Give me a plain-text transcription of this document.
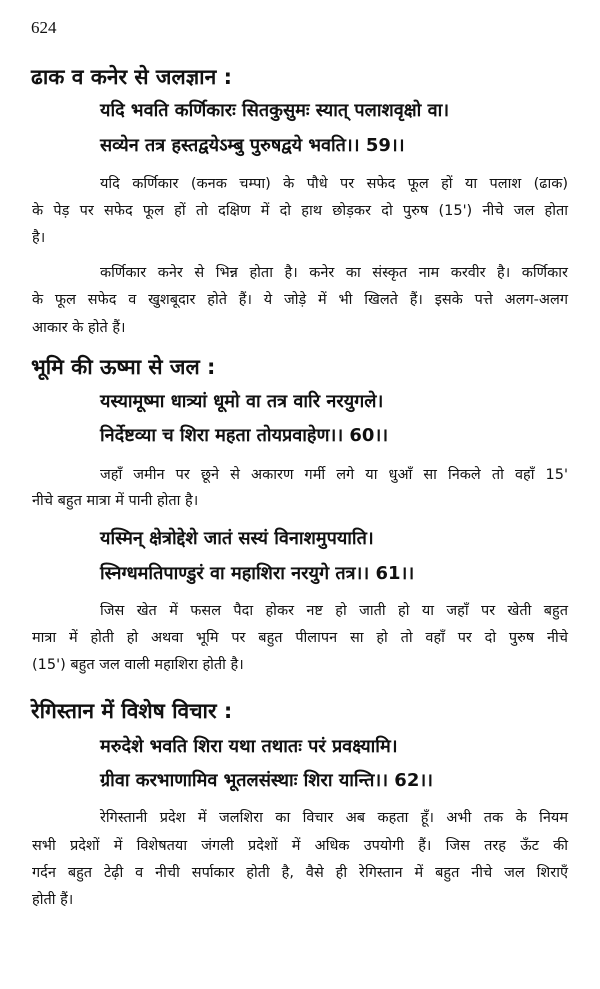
624
ढाक व कनेर से जलज्ञान :
यदि भवति कर्णिकारः सितकुसुमः स्यात् पलाशवृक्षो वा।
सव्येन तत्र हस्तद्वयेऽम्बु पुरुषद्वये भवति।। 59।।
यदि कर्णिकार (कनक चम्पा) के पौधे पर सफेद फूल हों या पलाश (ढाक)
के पेड़ पर सफेद फूल हों तो दक्षिण में दो हाथ छोड़कर दो पुरुष (15') नीचे जल होता
है।
कर्णिकार कनेर से भिन्न होता है। कनेर का संस्कृत नाम करवीर है। कर्णिकार
के फूल सफेद व खुशबूदार होते हैं। ये जोड़े में भी खिलते हैं। इसके पत्ते अलग-अलग
आकार के होते हैं।
भूमि की ऊष्मा से जल :
यस्यामूष्मा धात्र्यां धूमो वा तत्र वारि नरयुगले।
निर्देष्टव्या च शिरा महता तोयप्रवाहेण।। 60।।
जहाँ जमीन पर छूने से अकारण गर्मी लगे या धुआँ सा निकले तो वहाँ 15'
नीचे बहुत मात्रा में पानी होता है।
यस्मिन् क्षेत्रोद्देशे जातं सस्यं विनाशमुपयाति।
स्निग्धमतिपाण्डुरं वा महाशिरा नरयुगे तत्र।। 61।।
जिस खेत में फसल पैदा होकर नष्ट हो जाती हो या जहाँ पर खेती बहुत
मात्रा में होती हो अथवा भूमि पर बहुत पीलापन सा हो तो वहाँ पर दो पुरुष नीचे
(15') बहुत जल वाली महाशिरा होती है।
रेगिस्तान में विशेष विचार :
मरुदेशे भवति शिरा यथा तथातः परं प्रवक्ष्यामि।
ग्रीवा करभाणामिव भूतलसंस्थाः शिरा यान्ति।। 62।।
रेगिस्तानी प्रदेश में जलशिरा का विचार अब कहता हूँ। अभी तक के नियम
सभी प्रदेशों में विशेषतया जंगली प्रदेशों में अधिक उपयोगी हैं। जिस तरह ऊँट की
गर्दन बहुत टेढ़ी व नीची सर्पाकार होती है, वैसे ही रेगिस्तान में बहुत नीचे जल शिराएँ
होती हैं।
